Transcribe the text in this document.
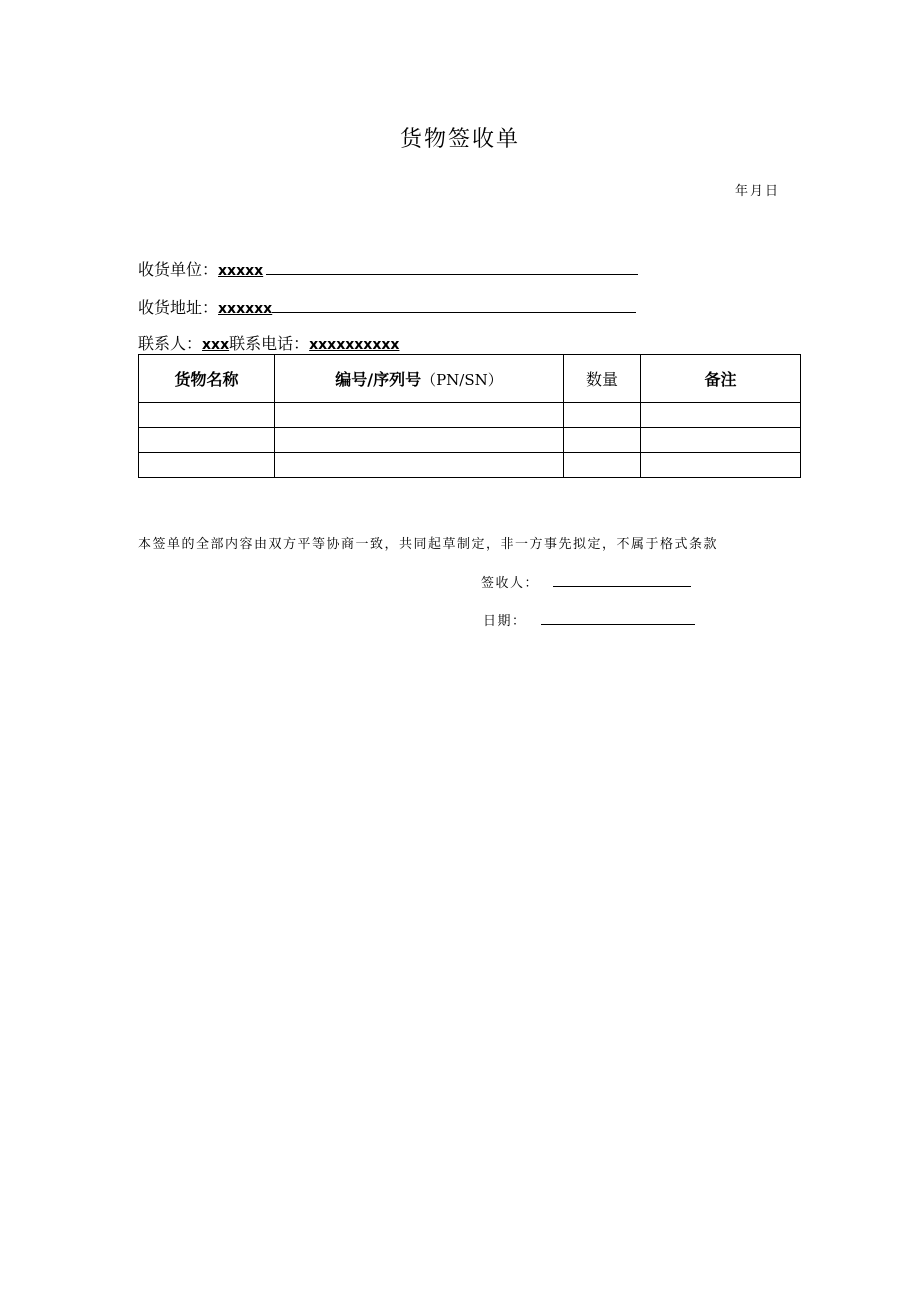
货物签收单
年月日
收货单位：xxxxx
收货地址：xxxxxx
联系人：xxx联系电话：xxxxxxxxxx
货物名称	编号/序列号（PN/SN）	数量	备注

本签单的全部内容由双方平等协商一致，共同起草制定，非一方事先拟定，不属于格式条款
签收人：
日期：
